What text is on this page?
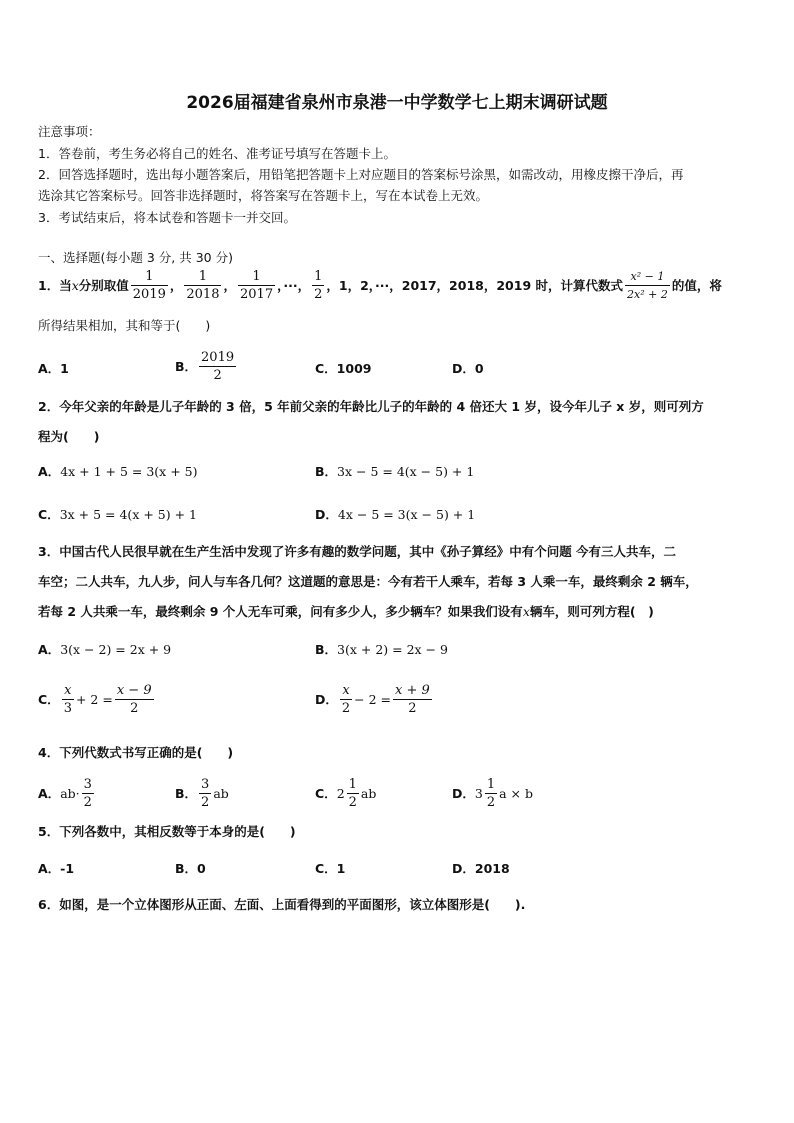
2026届福建省泉州市泉港一中学数学七上期末调研试题
注意事项：
1．答卷前，考生务必将自己的姓名、准考证号填写在答题卡上。
2．回答选择题时，选出每小题答案后，用铅笔把答题卡上对应题目的答案标号涂黑，如需改动，用橡皮擦干净后，再
选涂其它答案标号。回答非选择题时，将答案写在答题卡上，写在本试卷上无效。
3．考试结束后，将本试卷和答题卡一并交回。
一、选择题(每小题 3 分, 共 30 分)
1．当 x 分别取值 $\frac{1}{2019}$ ， $\frac{1}{2018}$ ， $\frac{1}{2017}$ ，···， $\frac{1}{2}$ ，1，2，···，2017，2018，2019 时，计算代数式 $\frac{\text{x² − 1}}{\text{2x² + 2}}$ 的值，将
所得结果相加，其和等于(　　)
A．1	B． $\frac{2019}{2}$	C．1009	D．0
2．今年父亲的年龄是儿子年龄的 3 倍，5 年前父亲的年龄比儿子的年龄的 4 倍还大 1 岁，设今年儿子 x 岁，则可列方
程为(　　)
A．4x + 1 + 5 = 3(x + 5)	B．3x − 5 = 4(x − 5) + 1
C．3x + 5 = 4(x + 5) + 1	D．4x − 5 = 3(x − 5) + 1
3．中国古代人民很早就在生产生活中发现了许多有趣的数学问题，其中《孙子算经》中有个问题 今有三人共车，二
车空；二人共车，九人步，问人与车各几何？这道题的意思是：今有若干人乘车，若每 3 人乘一车，最终剩余 2 辆车，
若每 2 人共乘一车，最终剩余 9 个人无车可乘，问有多少人，多少辆车？如果我们设有x辆车，则可列方程(　)
A．3(x − 2) = 2x + 9	B．3(x + 2) = 2x − 9
C． $\frac{x}{3} + 2 = \frac{x - 9}{2}$	D． $\frac{x}{2} - 2 = \frac{x + 9}{2}$
4．下列代数式书写正确的是(　　)
A． $ab\cdot \frac{3}{2}$	B． $\frac{3}{2}$ ab	C． $2 \frac{1}{2}$ ab	D． $3 \frac{1}{2}$ a × b
5．下列各数中，其相反数等于本身的是(　　)
A．-1	B．0	C．1	D．2018
6．如图，是一个立体图形从正面、左面、上面看得到的平面图形，该立体图形是(　　).
